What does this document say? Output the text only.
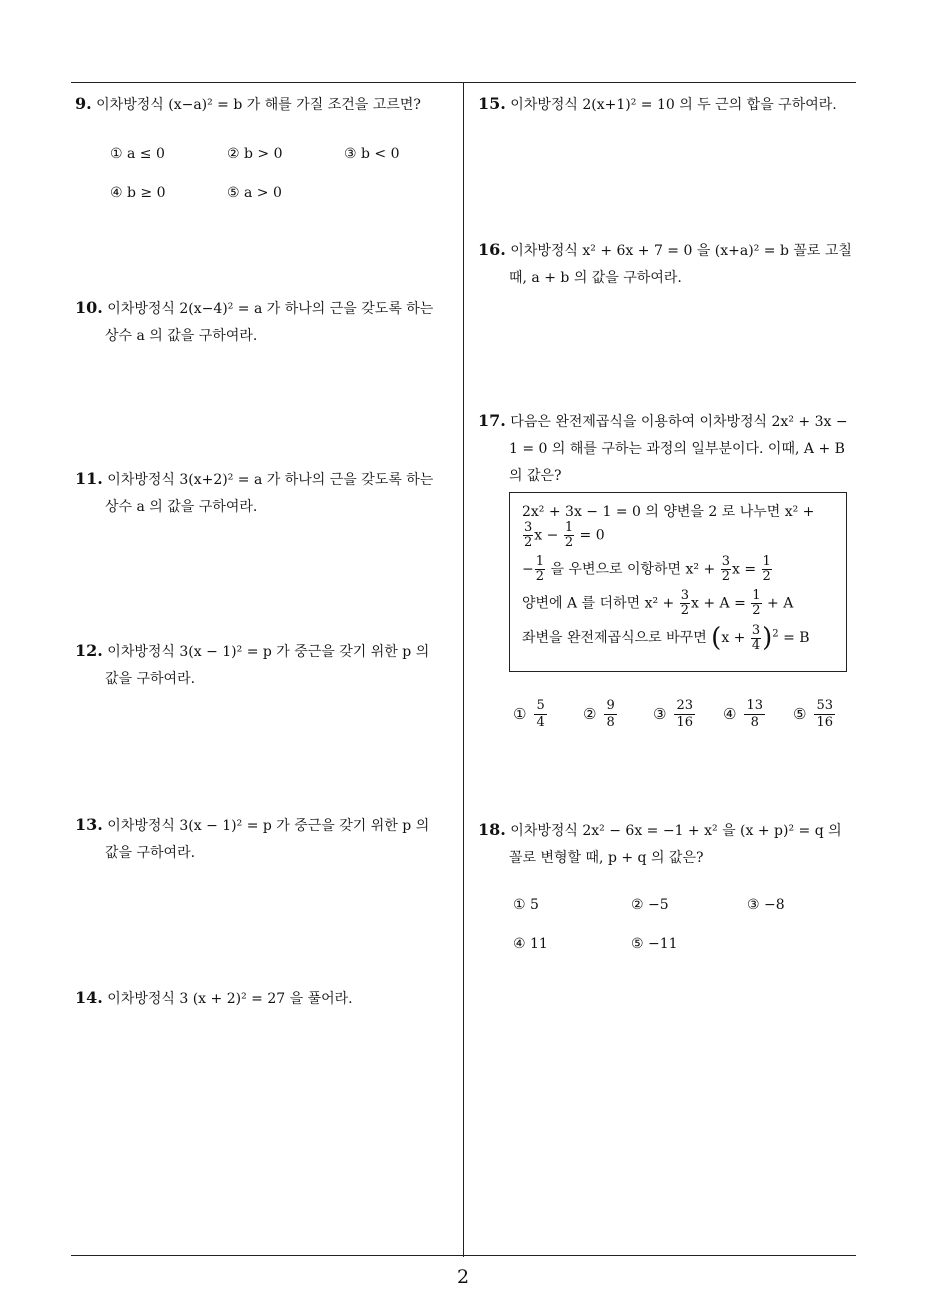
9. 이차방정식 (x−a)² = b 가 해를 가질 조건을 고르면?
① a ≤ 0	② b > 0	③ b < 0
④ b ≥ 0	⑤ a > 0
10. 이차방정식 2(x−4)² = a 가 하나의 근을 갖도록 하는
상수 a 의 값을 구하여라.
11. 이차방정식 3(x+2)² = a 가 하나의 근을 갖도록 하는
상수 a 의 값을 구하여라.
12. 이차방정식 3(x − 1)² = p 가 중근을 갖기 위한 p 의
값을 구하여라.
13. 이차방정식 3(x − 1)² = p 가 중근을 갖기 위한 p 의
값을 구하여라.
14. 이차방정식 3 (x + 2)² = 27 을 풀어라.
15. 이차방정식 2(x+1)² = 10 의 두 근의 합을 구하여라.
16. 이차방정식 x² + 6x + 7 = 0 을 (x+a)² = b 꼴로 고칠
때, a + b 의 값을 구하여라.
17. 다음은 완전제곱식을 이용하여 이차방정식 2x² + 3x −
1 = 0 의 해를 구하는 과정의 일부분이다. 이때, A + B
의 값은?
2x² + 3x − 1 = 0 의 양변을 2 로 나누면 x² +
$\frac{3}{2}$ $x - \frac{1}{2} = 0$
− $\frac{1}{2}$ 을 우변으로 이항하면 $x^2 + \frac{3}{2}$ $x = \frac{1}{2}$
양변에 A 를 더하면 $x^2 + \frac{3}{2}$ $x + A = \frac{1}{2} + A$
좌변을 완전제곱식으로 바꾸면 $(x + \frac{3}{4} )^2 = B$
① $\frac{5}{4}$ ② $\frac{9}{8}$ ③ $\frac{23}{16}$ ④ $\frac{13}{8}$ ⑤ $\frac{53}{16}$
18. 이차방정식 2x² − 6x = −1 + x² 을 (x + p)² = q 의
꼴로 변형할 때, p + q 의 값은?
① 5	② −5	③ −8
④ 11	⑤ −11
2
